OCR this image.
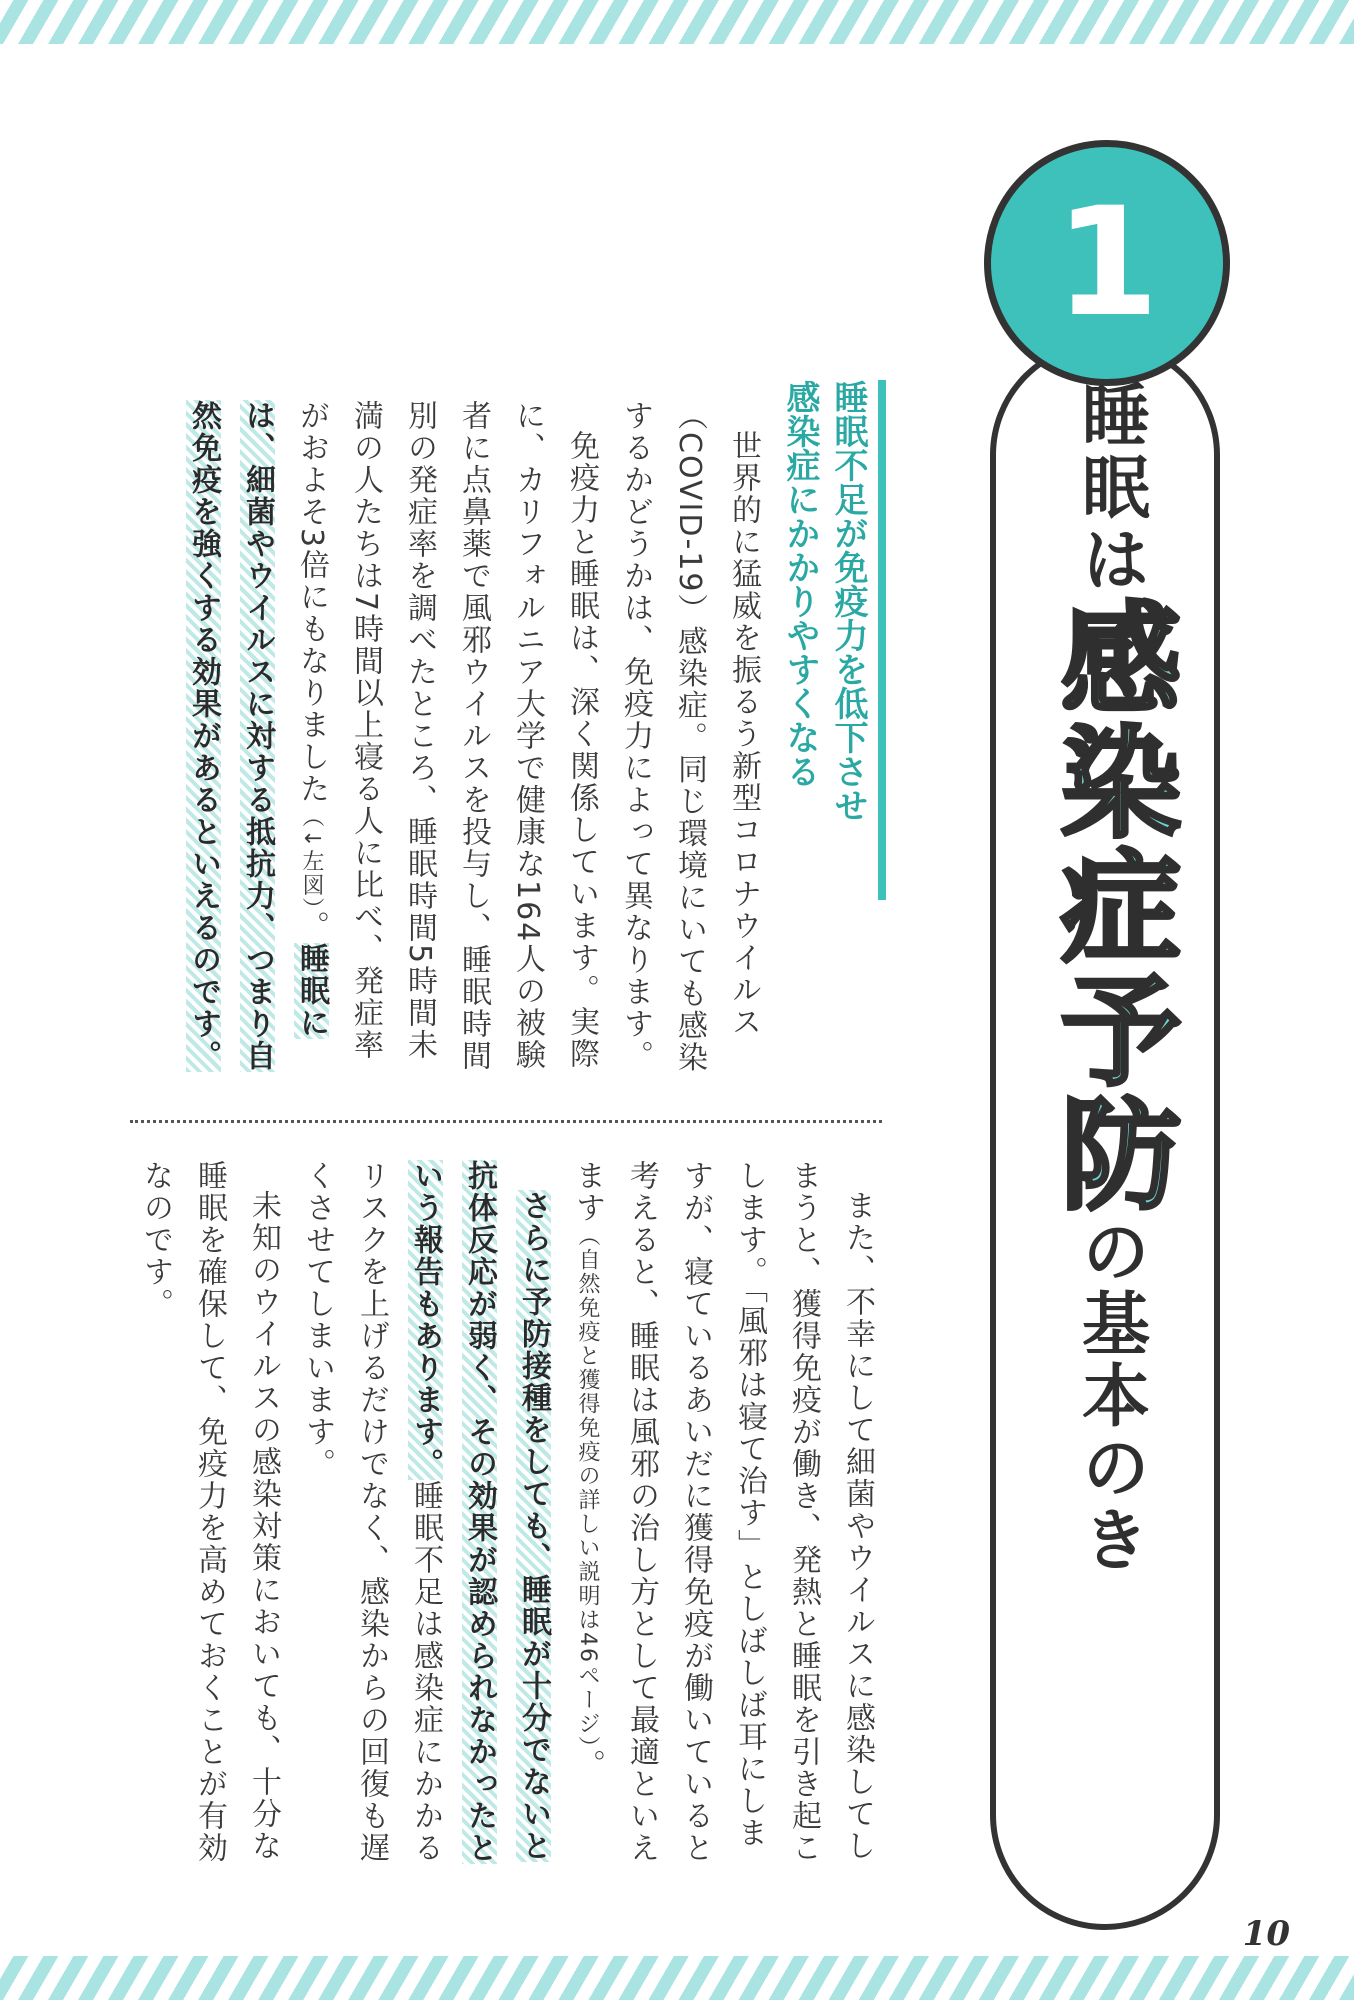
1
睡眠は
感染症予防
の基本のき
睡眠不足が免疫力を低下させ
感染症にかかりやすくなる

世界的に猛威を振るう新型コロナウイルス（COVID-19）感染症。同じ環境にいても感染するかどうかは、免疫力によって異なります。

免疫力と睡眠は、深く関係しています。実際に、カリフォルニア大学で健康な164人の被験者に点鼻薬で風邪ウイルスを投与し、睡眠時間別の発症率を調べたところ、睡眠時間5時間未満の人たちは7時間以上寝る人に比べ、発症率がおよそ3倍にもなりました（↓左図）。睡眠には、細菌やウイルスに対する抵抗力、つまり自然免疫を強くする効果があるといえるのです。

また、不幸にして細菌やウイルスに感染してしまうと、獲得免疫が働き、発熱と睡眠を引き起こします。「風邪は寝て治す」としばしば耳にしますが、寝ているあいだに獲得免疫が働いていると考えると、睡眠は風邪の治し方として最適といえます（自然免疫と獲得免疫の詳しい説明は46ページ）。

さらに予防接種をしても、睡眠が十分でないと抗体反応が弱く、その効果が認められなかったという報告もあります。睡眠不足は感染症にかかるリスクを上げるだけでなく、感染からの回復も遅くさせてしまいます。

未知のウイルスの感染対策においても、十分な睡眠を確保して、免疫力を高めておくことが有効なのです。

10
